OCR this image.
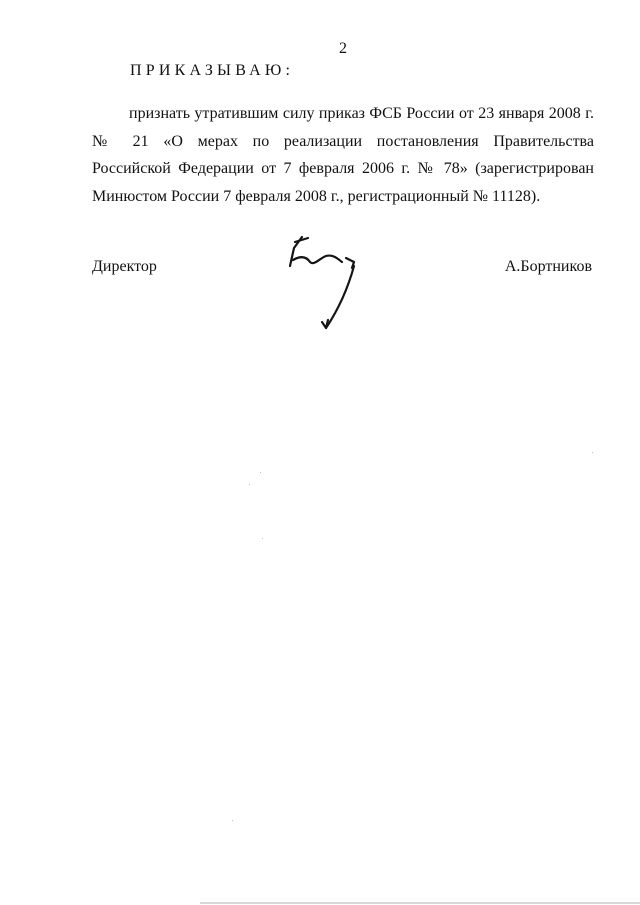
2
ПРИКАЗЫВАЮ:
признать утратившим силу приказ ФСБ России от 23 января 2008 г.
№ 21 «О мерах по реализации постановления Правительства
Российской Федерации от 7 февраля 2006 г. № 78» (зарегистрирован
Минюстом России 7 февраля 2008 г., регистрационный № 11128).
Директор	А.Бортников
